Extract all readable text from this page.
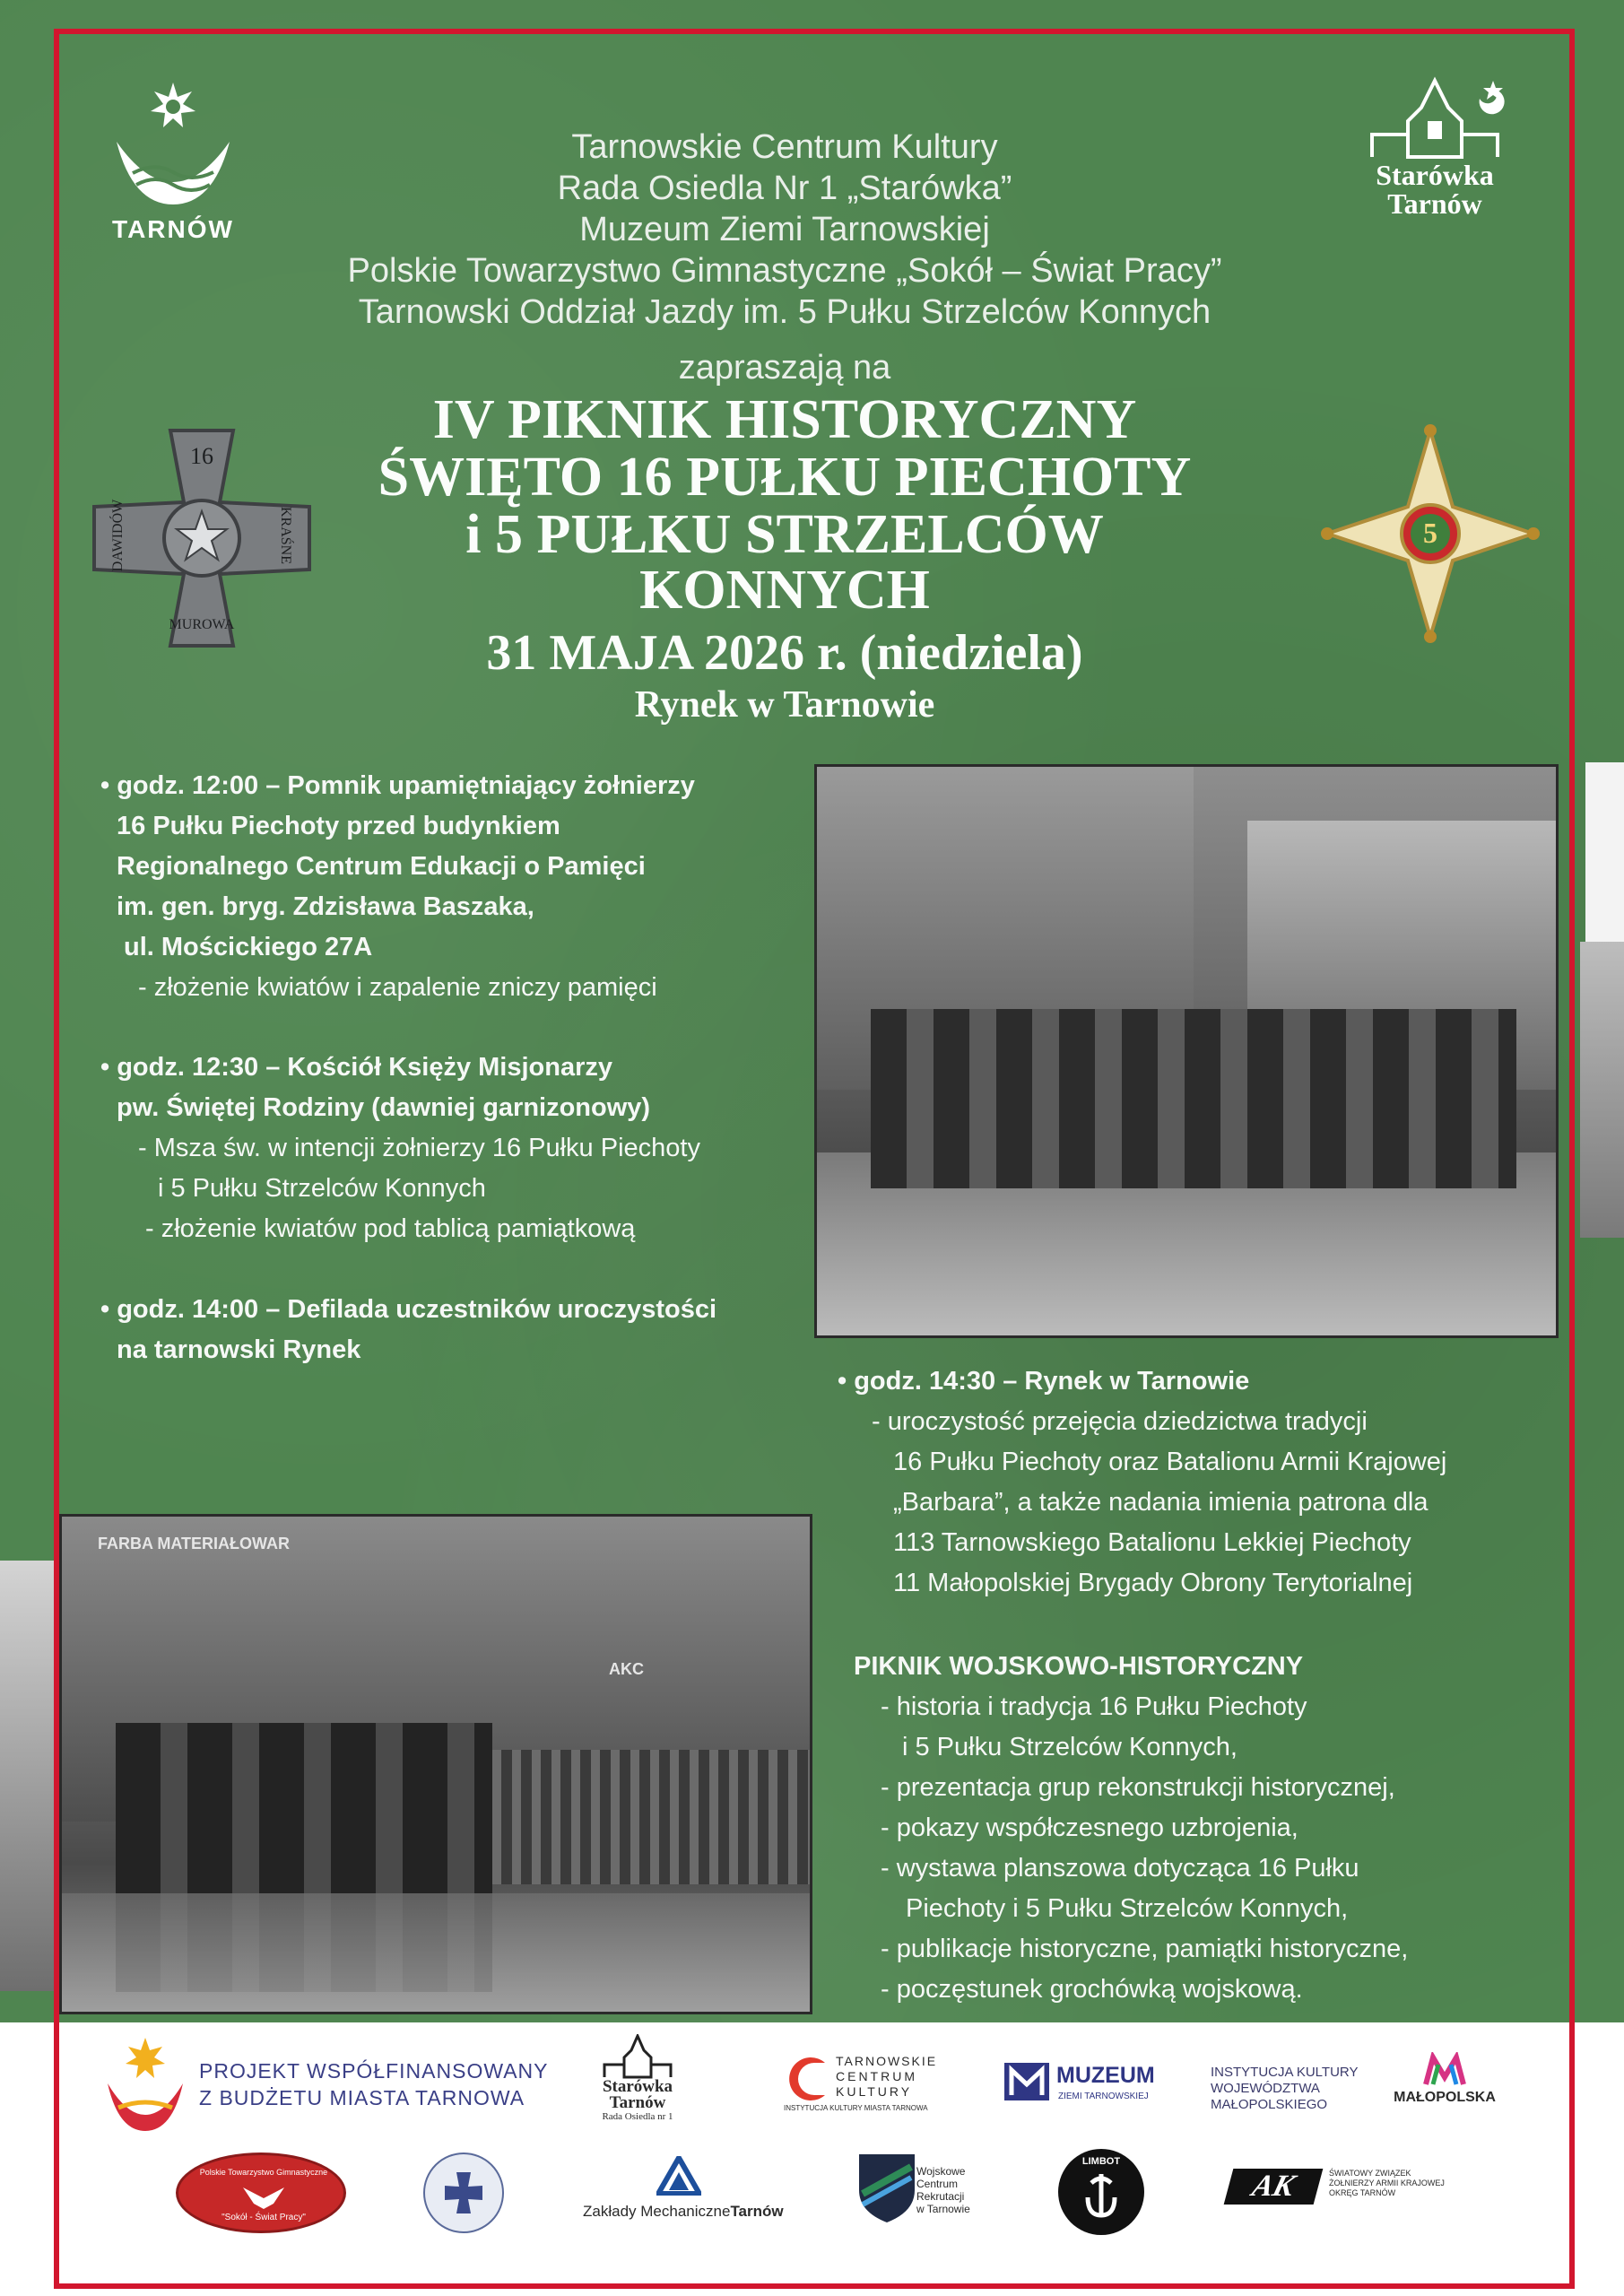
TARNÓW
Starówka
Tarnów
Tarnowskie Centrum Kultury
Rada Osiedla Nr 1 „Starówka”
Muzeum Ziemi Tarnowskiej
Polskie Towarzystwo Gimnastyczne „Sokół – Świat Pracy”
Tarnowski Oddział Jazdy im. 5 Pułku Strzelców Konnych
zapraszają na
IV PIKNIK HISTORYCZNY
ŚWIĘTO 16 PUŁKU PIECHOTY
i 5 PUŁKU STRZELCÓW
KONNYCH
31 MAJA 2026 r. (niedziela)
Rynek w Tarnowie
16
DAWIDÓW	KRAŚNE
MUROWA
5
• godz. 12:00 – Pomnik upamiętniający żołnierzy
16 Pułku Piechoty przed budynkiem
Regionalnego Centrum Edukacji o Pamięci
im. gen. bryg. Zdzisława Baszaka,
ul. Mościckiego 27A
- złożenie kwiatów i zapalenie zniczy pamięci
• godz. 12:30 – Kościół Księży Misjonarzy
pw. Świętej Rodziny (dawniej garnizonowy)
- Msza św. w intencji żołnierzy 16 Pułku Piechoty
i 5 Pułku Strzelców Konnych
- złożenie kwiatów pod tablicą pamiątkową
• godz. 14:00 – Defilada uczestników uroczystości
na tarnowski Rynek
• godz. 14:30 – Rynek w Tarnowie
- uroczystość przejęcia dziedzictwa tradycji
16 Pułku Piechoty oraz Batalionu Armii Krajowej
„Barbara”, a także nadania imienia patrona dla
113 Tarnowskiego Batalionu Lekkiej Piechoty
11 Małopolskiej Brygady Obrony Terytorialnej
PIKNIK WOJSKOWO-HISTORYCZNY
- historia i tradycja 16 Pułku Piechoty
i 5 Pułku Strzelców Konnych,
- prezentacja grup rekonstrukcji historycznej,
- pokazy współczesnego uzbrojenia,
- wystawa planszowa dotycząca 16 Pułku
Piechoty i 5 Pułku Strzelców Konnych,
- publikacje historyczne, pamiątki historyczne,
- poczęstunek grochówką wojskową.
FARBA MATERIAŁOWAR
AKC
PROJEKT WSPÓŁFINANSOWANY
Z BUDŻETU MIASTA TARNOWA	Starówka
Tarnów
Rada Osiedla nr 1
TARNOWSKIE
CENTRUM
KULTURY
INSTYTUCJA KULTURY MIASTA TARNOWA
MUZEUM
ZIEMI TARNOWSKIEJ
INSTYTUCJA KULTURY
WOJEWÓDZTWA
MAŁOPOLSKIEGO	MAŁOPOLSKA
Polskie Towarzystwo Gimnastyczne
"Sokół - Świat Pracy"	Zakłady MechaniczneTarnów
Wojskowe
Centrum
Rekrutacji
w Tarnowie
LIMBOT
AK	ŚWIATOWY ZWIĄZEK
ŻOŁNIERZY ARMII KRAJOWEJ
OKRĘG TARNÓW
